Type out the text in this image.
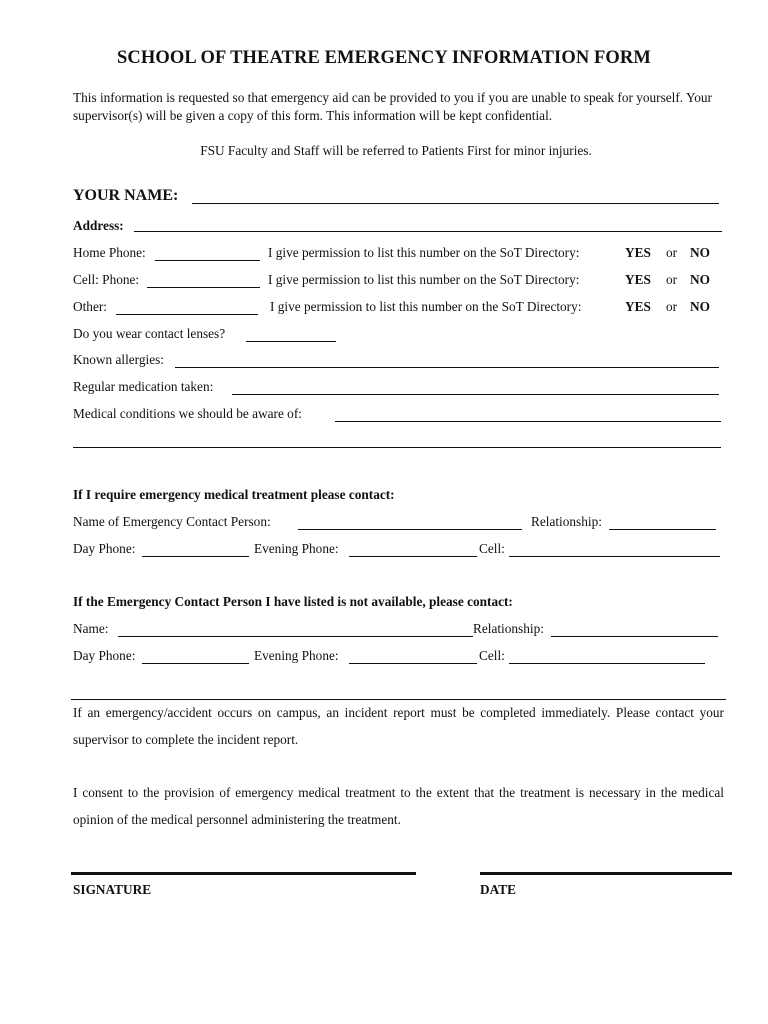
SCHOOL OF THEATRE EMERGENCY INFORMATION FORM
This information is requested so that emergency aid can be provided to you if you are unable to speak for yourself. Your supervisor(s) will be given a copy of this form. This information will be kept confidential.
FSU Faculty and Staff will be referred to Patients First for minor injuries.
YOUR NAME:
Address:
Home Phone:	I give permission to list this number on the SoT Directory:	YES or NO
Cell: Phone:	I give permission to list this number on the SoT Directory:	YES or NO
Other:	I give permission to list this number on the SoT Directory:	YES or NO
Do you wear contact lenses?
Known allergies:
Regular medication taken:
Medical conditions we should be aware of:
If I require emergency medical treatment please contact:
Name of Emergency Contact Person:	Relationship:
Day Phone:	Evening Phone:	Cell:
If the Emergency Contact Person I have listed is not available, please contact:
Name:	Relationship:
Day Phone:	Evening Phone:	Cell:
If an emergency/accident occurs on campus, an incident report must be completed immediately. Please contact your supervisor to complete the incident report.
I consent to the provision of emergency medical treatment to the extent that the treatment is necessary in the medical opinion of the medical personnel administering the treatment.
SIGNATURE	DATE
